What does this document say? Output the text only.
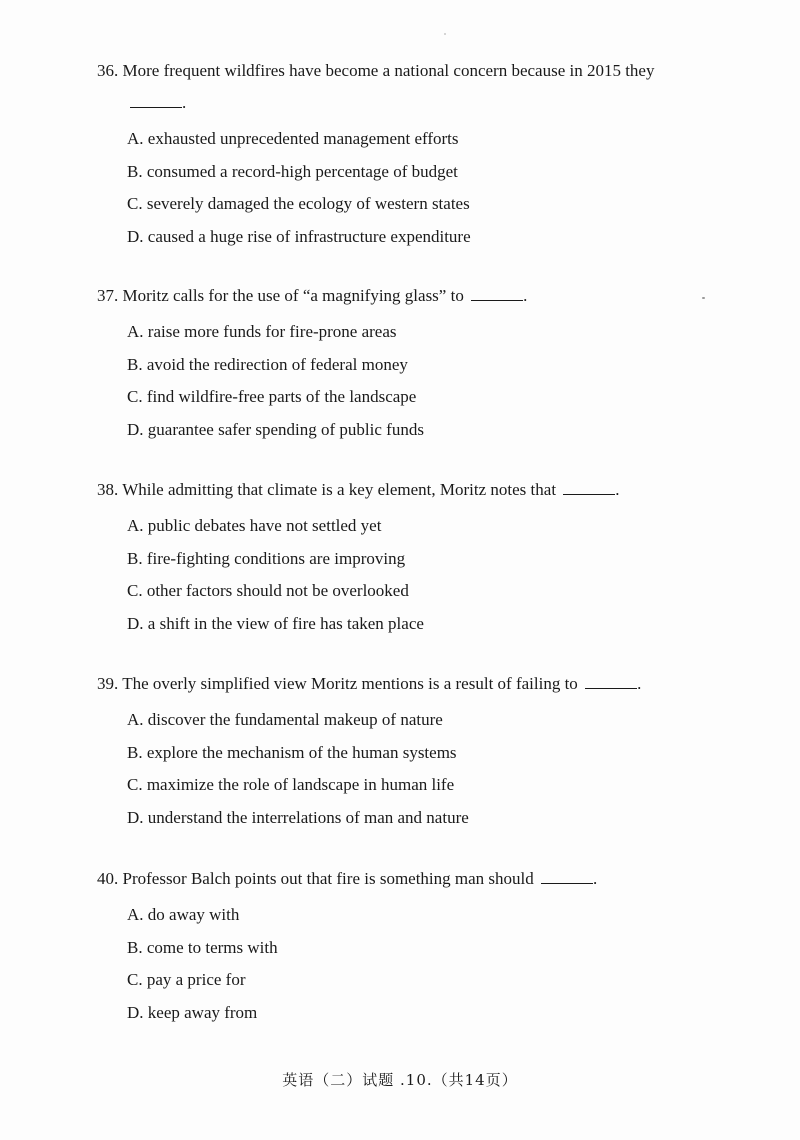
36. More frequent wildfires have become a national concern because in 2015 they
.
A. exhausted unprecedented management efforts
B. consumed a record-high percentage of budget
C. severely damaged the ecology of western states
D. caused a huge rise of infrastructure expenditure
37. Moritz calls for the use of “a magnifying glass” to	.
A. raise more funds for fire-prone areas
B. avoid the redirection of federal money
C. find wildfire-free parts of the landscape
D. guarantee safer spending of public funds
38. While admitting that climate is a key element, Moritz notes that	.
A. public debates have not settled yet
B. fire-fighting conditions are improving
C. other factors should not be overlooked
D. a shift in the view of fire has taken place
39. The overly simplified view Moritz mentions is a result of failing to	.
A. discover the fundamental makeup of nature
B. explore the mechanism of the human systems
C. maximize the role of landscape in human life
D. understand the interrelations of man and nature
40. Professor Balch points out that fire is something man should	.
A. do away with
B. come to terms with
C. pay a price for
D. keep away from
英语（二）试题 .10.（共14页）
